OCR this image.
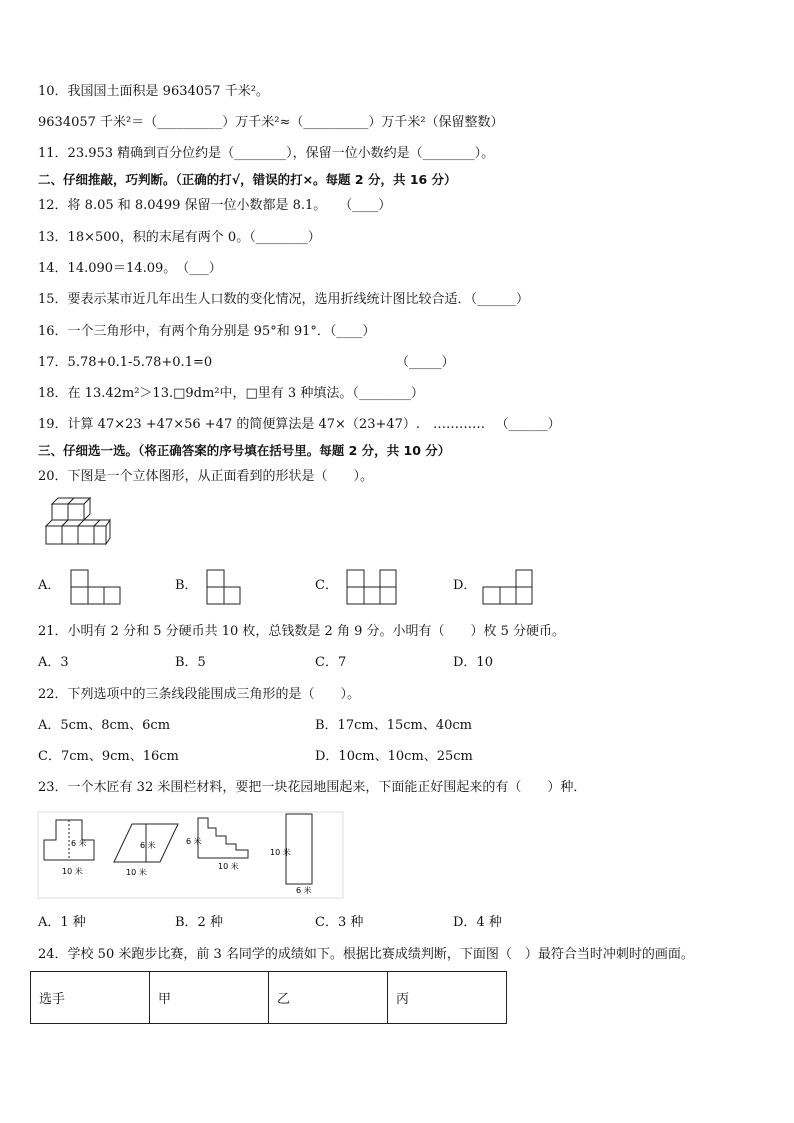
10．我国国土面积是 9634057 千米²。
9634057 千米²＝（__________）万千米²≈（__________）万千米²（保留整数）
11．23.953 精确到百分位约是（________），保留一位小数约是（________）。
二、仔细推敲，巧判断。（正确的打√，错误的打×。每题 2 分，共 16 分）
12．将 8.05 和 8.0499 保留一位小数都是 8.1。　　（____）
13．18×500，积的末尾有两个 0。（________）
14．14.090＝14.09。　（___）
15．要表示某市近几年出生人口数的变化情况，选用折线统计图比较合适．（______）
16．一个三角形中，有两个角分别是 95°和 91°．（____）
17．5.78+0.1-5.78+0.1=0	（_____）
18．在 13.42m²＞13.□9dm²中，□里有 3 种填法。（________）
19．计算 47×23 +47×56 +47 的简便算法是 47×（23+47）.　………… 　（______）
三、仔细选一选。（将正确答案的序号填在括号里。每题 2 分，共 10 分）
20．下图是一个立体图形，从正面看到的形状是（　　）。
A．	B．	C．	D．
21．小明有 2 分和 5 分硬币共 10 枚，总钱数是 2 角 9 分。小明有（　　）枚 5 分硬币。
A．3	B．5	C．7	D．10
22．下列选项中的三条线段能围成三角形的是（　　）。
A．5cm、8cm、6cm	B．17cm、15cm、40cm
C．7cm、9cm、16cm	D．10cm、10cm、25cm
23．一个木匠有 32 米围栏材料，要把一块花园地围起来，下面能正好围起来的有（　　）种．
6 米
10 米
6 米
10 米
6 米
10 米
10 米
6 米
A．1 种	B．2 种	C．3 种	D．4 种
24．学校 50 米跑步比赛，前 3 名同学的成绩如下。根据比赛成绩判断，下面图（　）最符合当时冲刺时的画面。
选手	甲	乙	丙
